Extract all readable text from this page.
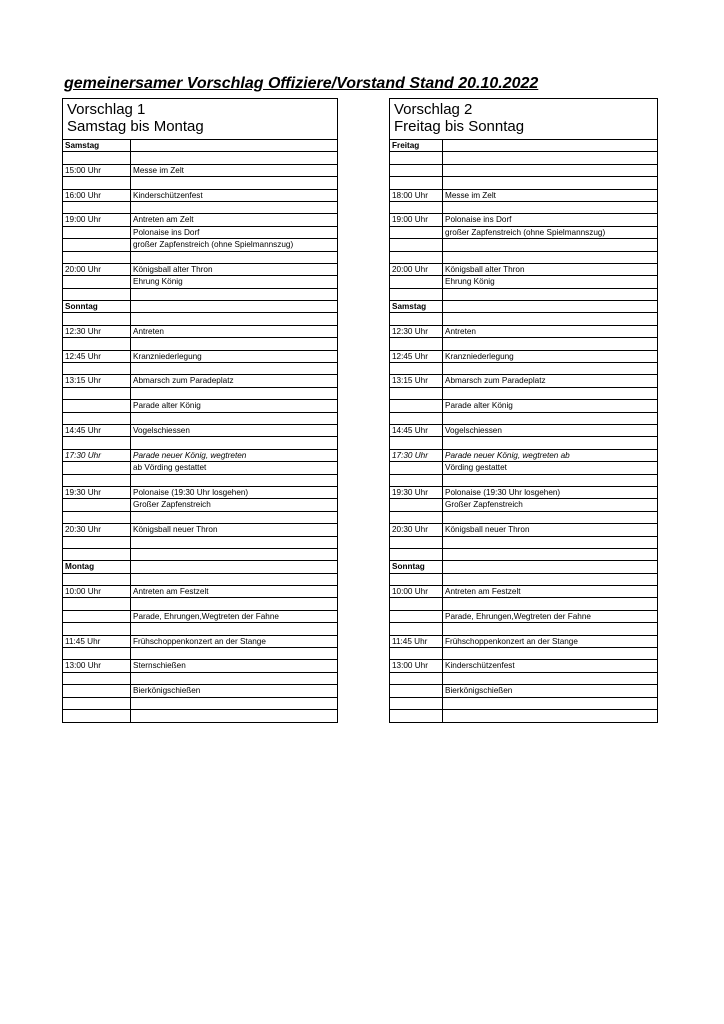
gemeinersamer Vorschlag Offiziere/Vorstand Stand 20.10.2022
Vorschlag 1
Samstag bis Montag
Samstag
15:00 Uhr	Messe im Zelt
16:00 Uhr	Kinderschützenfest
19:00 Uhr	Antreten am Zelt
Polonaise ins Dorf
großer Zapfenstreich (ohne Spielmannszug)
20:00 Uhr	Königsball alter Thron
Ehrung König
Sonntag
12:30 Uhr	Antreten
12:45 Uhr	Kranzniederlegung
13:15 Uhr	Abmarsch zum Paradeplatz
Parade alter König
14:45 Uhr	Vogelschiessen
17:30 Uhr	Parade neuer König, wegtreten
ab Vörding gestattet
19:30 Uhr	Polonaise (19:30 Uhr losgehen)
Großer Zapfenstreich
20:30 Uhr	Königsball neuer Thron
Montag
10:00 Uhr	Antreten am Festzelt
Parade, Ehrungen,Wegtreten der Fahne
11:45 Uhr	Frühschoppenkonzert an der Stange
13:00 Uhr	Sternschießen
Bierkönigschießen
Vorschlag 2
Freitag bis Sonntag
Freitag
18:00 Uhr	Messe im Zelt
19:00 Uhr	Polonaise ins Dorf
großer Zapfenstreich (ohne Spielmannszug)
20:00 Uhr	Königsball alter Thron
Ehrung König
Samstag
12:30 Uhr	Antreten
12:45 Uhr	Kranzniederlegung
13:15 Uhr	Abmarsch zum Paradeplatz
Parade alter König
14:45 Uhr	Vogelschiessen
17:30 Uhr	Parade neuer König, wegtreten ab
Vörding gestattet
19:30 Uhr	Polonaise (19:30 Uhr losgehen)
Großer Zapfenstreich
20:30 Uhr	Königsball neuer Thron
Sonntag
10:00 Uhr	Antreten am Festzelt
Parade, Ehrungen,Wegtreten der Fahne
11:45 Uhr	Frühschoppenkonzert an der Stange
13:00 Uhr	Kinderschützenfest
Bierkönigschießen
